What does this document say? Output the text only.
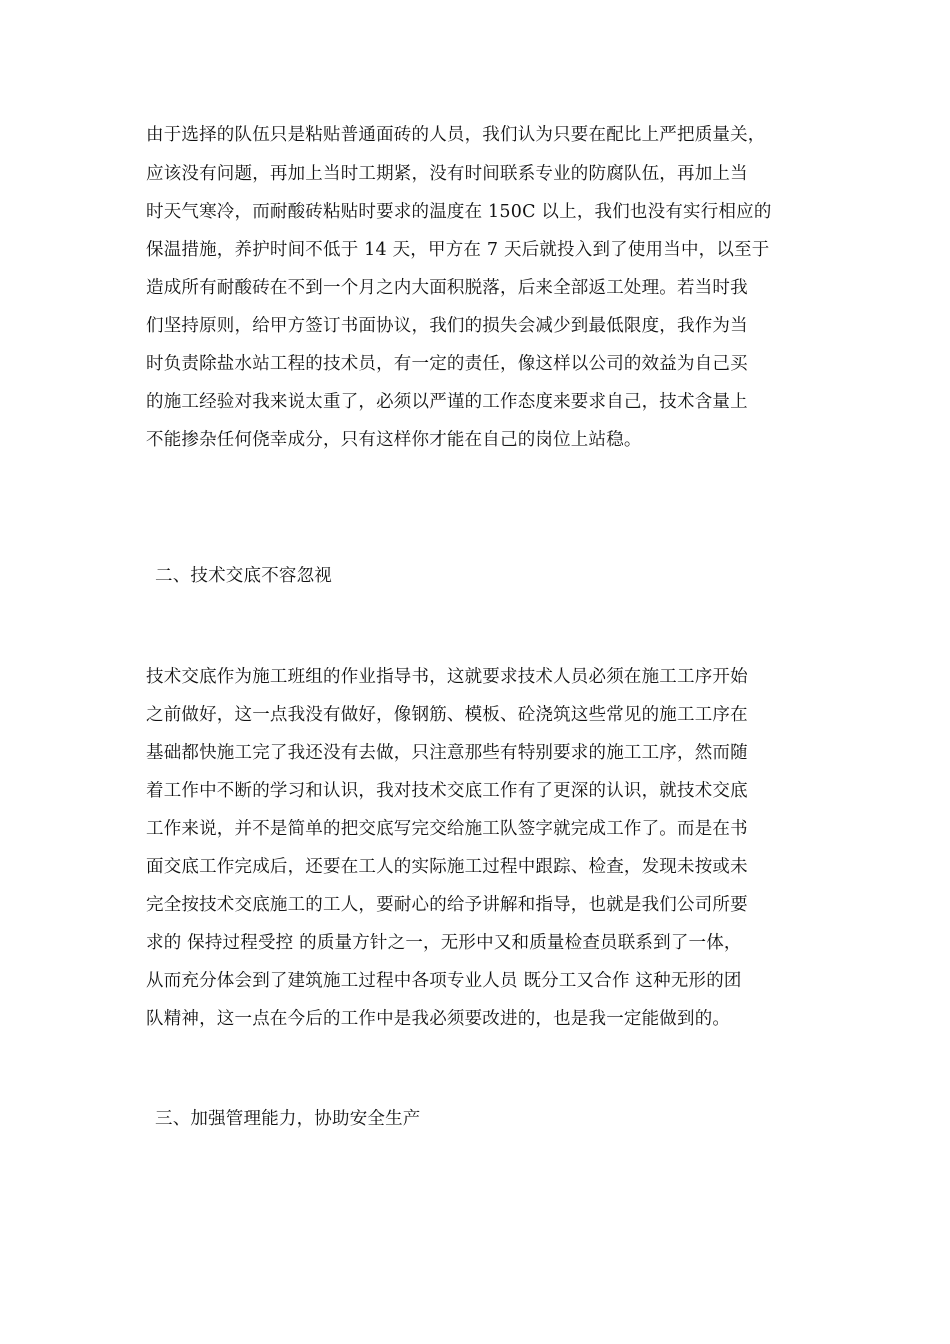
由于选择的队伍只是粘贴普通面砖的人员，我们认为只要在配比上严把质量关，
应该没有问题，再加上当时工期紧，没有时间联系专业的防腐队伍，再加上当
时天气寒冷，而耐酸砖粘贴时要求的温度在 150C 以上，我们也没有实行相应的
保温措施，养护时间不低于 14 天，甲方在 7 天后就投入到了使用当中，以至于
造成所有耐酸砖在不到一个月之内大面积脱落，后来全部返工处理。若当时我
们坚持原则，给甲方签订书面协议，我们的损失会减少到最低限度，我作为当
时负责除盐水站工程的技术员，有一定的责任，像这样以公司的效益为自己买
的施工经验对我来说太重了，必须以严谨的工作态度来要求自己，技术含量上
不能掺杂任何侥幸成分，只有这样你才能在自己的岗位上站稳。
二、技术交底不容忽视
技术交底作为施工班组的作业指导书，这就要求技术人员必须在施工工序开始
之前做好，这一点我没有做好，像钢筋、模板、砼浇筑这些常见的施工工序在
基础都快施工完了我还没有去做，只注意那些有特别要求的施工工序，然而随
着工作中不断的学习和认识，我对技术交底工作有了更深的认识，就技术交底
工作来说，并不是简单的把交底写完交给施工队签字就完成工作了。而是在书
面交底工作完成后，还要在工人的实际施工过程中跟踪、检查，发现未按或未
完全按技术交底施工的工人，要耐心的给予讲解和指导，也就是我们公司所要
求的 保持过程受控 的质量方针之一，无形中又和质量检查员联系到了一体，
从而充分体会到了建筑施工过程中各项专业人员 既分工又合作 这种无形的团
队精神，这一点在今后的工作中是我必须要改进的，也是我一定能做到的。
三、加强管理能力，协助安全生产
